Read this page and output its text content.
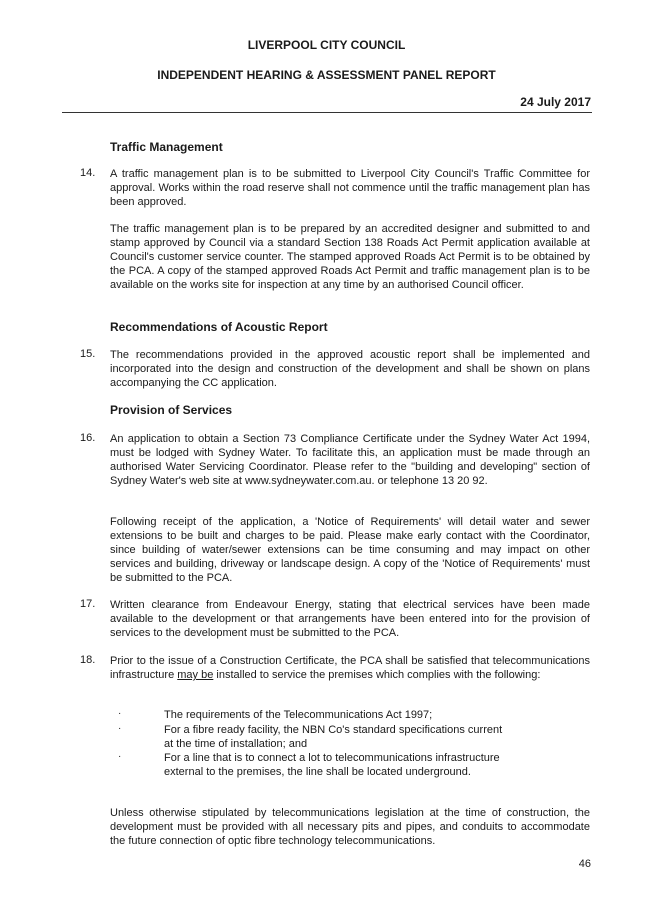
LIVERPOOL CITY COUNCIL
INDEPENDENT HEARING & ASSESSMENT PANEL REPORT
24 July 2017
Traffic Management
14. A traffic management plan is to be submitted to Liverpool City Council's Traffic Committee for approval. Works within the road reserve shall not commence until the traffic management plan has been approved.
The traffic management plan is to be prepared by an accredited designer and submitted to and stamp approved by Council via a standard Section 138 Roads Act Permit application available at Council's customer service counter. The stamped approved Roads Act Permit is to be obtained by the PCA. A copy of the stamped approved Roads Act Permit and traffic management plan is to be available on the works site for inspection at any time by an authorised Council officer.
Recommendations of Acoustic Report
15. The recommendations provided in the approved acoustic report shall be implemented and incorporated into the design and construction of the development and shall be shown on plans accompanying the CC application.
Provision of Services
16. An application to obtain a Section 73 Compliance Certificate under the Sydney Water Act 1994, must be lodged with Sydney Water. To facilitate this, an application must be made through an authorised Water Servicing Coordinator. Please refer to the "building and developing" section of Sydney Water's web site at www.sydneywater.com.au. or telephone 13 20 92.
Following receipt of the application, a 'Notice of Requirements' will detail water and sewer extensions to be built and charges to be paid. Please make early contact with the Coordinator, since building of water/sewer extensions can be time consuming and may impact on other services and building, driveway or landscape design. A copy of the 'Notice of Requirements' must be submitted to the PCA.
17. Written clearance from Endeavour Energy, stating that electrical services have been made available to the development or that arrangements have been entered into for the provision of services to the development must be submitted to the PCA.
18. Prior to the issue of a Construction Certificate, the PCA shall be satisfied that telecommunications infrastructure may be installed to service the premises which complies with the following:
·	The requirements of the Telecommunications Act 1997;
·	For a fibre ready facility, the NBN Co's standard specifications current at the time of installation; and
·	For a line that is to connect a lot to telecommunications infrastructure external to the premises, the line shall be located underground.
Unless otherwise stipulated by telecommunications legislation at the time of construction, the development must be provided with all necessary pits and pipes, and conduits to accommodate the future connection of optic fibre technology telecommunications.
46
